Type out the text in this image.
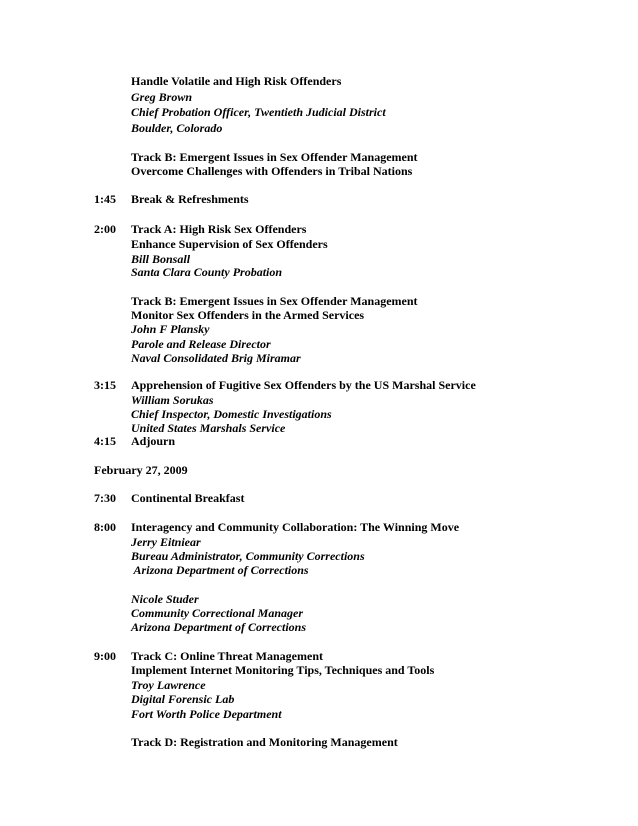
Handle Volatile and High Risk Offenders
Greg Brown
Chief Probation Officer, Twentieth Judicial District
Boulder, Colorado
Track B: Emergent Issues in Sex Offender Management
Overcome Challenges with Offenders in Tribal Nations
1:45 Break & Refreshments
2:00 Track A: High Risk Sex Offenders
Enhance Supervision of Sex Offenders
Bill Bonsall
Santa Clara County Probation
Track B: Emergent Issues in Sex Offender Management
Monitor Sex Offenders in the Armed Services
John F Plansky
Parole and Release Director
Naval Consolidated Brig Miramar
3:15 Apprehension of Fugitive Sex Offenders by the US Marshal Service
William Sorukas
Chief Inspector, Domestic Investigations
United States Marshals Service
4:15 Adjourn
February 27, 2009
7:30 Continental Breakfast
8:00 Interagency and Community Collaboration: The Winning Move
Jerry Eitniear
Bureau Administrator, Community Corrections
Arizona Department of Corrections
Nicole Studer
Community Correctional Manager
Arizona Department of Corrections
9:00 Track C: Online Threat Management
Implement Internet Monitoring Tips, Techniques and Tools
Troy Lawrence
Digital Forensic Lab
Fort Worth Police Department
Track D: Registration and Monitoring Management
